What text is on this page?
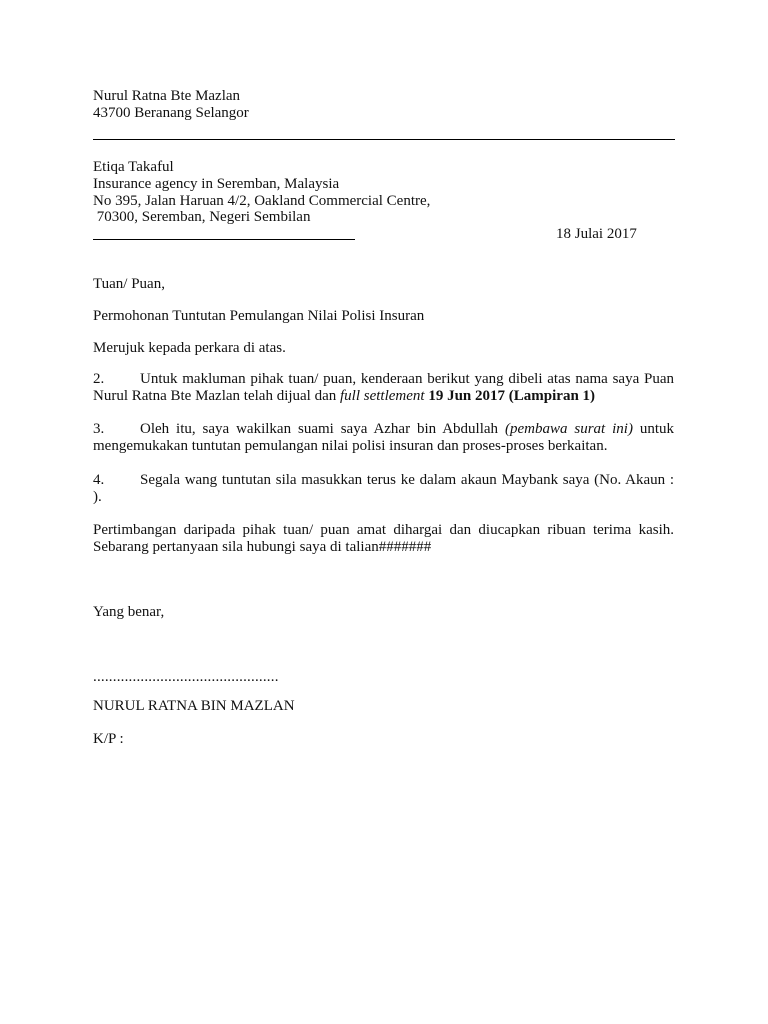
Nurul Ratna Bte Mazlan
43700 Beranang Selangor
Etiqa Takaful
Insurance agency in Seremban, Malaysia
No 395, Jalan Haruan 4/2, Oakland Commercial Centre,
70300, Seremban, Negeri Sembilan
18 Julai 2017
Tuan/ Puan,
Permohonan Tuntutan Pemulangan Nilai Polisi Insuran
Merujuk kepada perkara di atas.
2. Untuk makluman pihak tuan/ puan, kenderaan berikut yang dibeli atas nama saya Puan Nurul Ratna Bte Mazlan telah dijual dan full settlement 19 Jun 2017 (Lampiran 1)
3. Oleh itu, saya wakilkan suami saya Azhar bin Abdullah (pembawa surat ini) untuk mengemukakan tuntutan pemulangan nilai polisi insuran dan proses-proses berkaitan.
4. Segala wang tuntutan sila masukkan terus ke dalam akaun Maybank saya (No. Akaun : ).
Pertimbangan daripada pihak tuan/ puan amat dihargai dan diucapkan ribuan terima kasih. Sebarang pertanyaan sila hubungi saya di talian#######
Yang benar,
...............................................
NURUL RATNA BIN MAZLAN
K/P :
